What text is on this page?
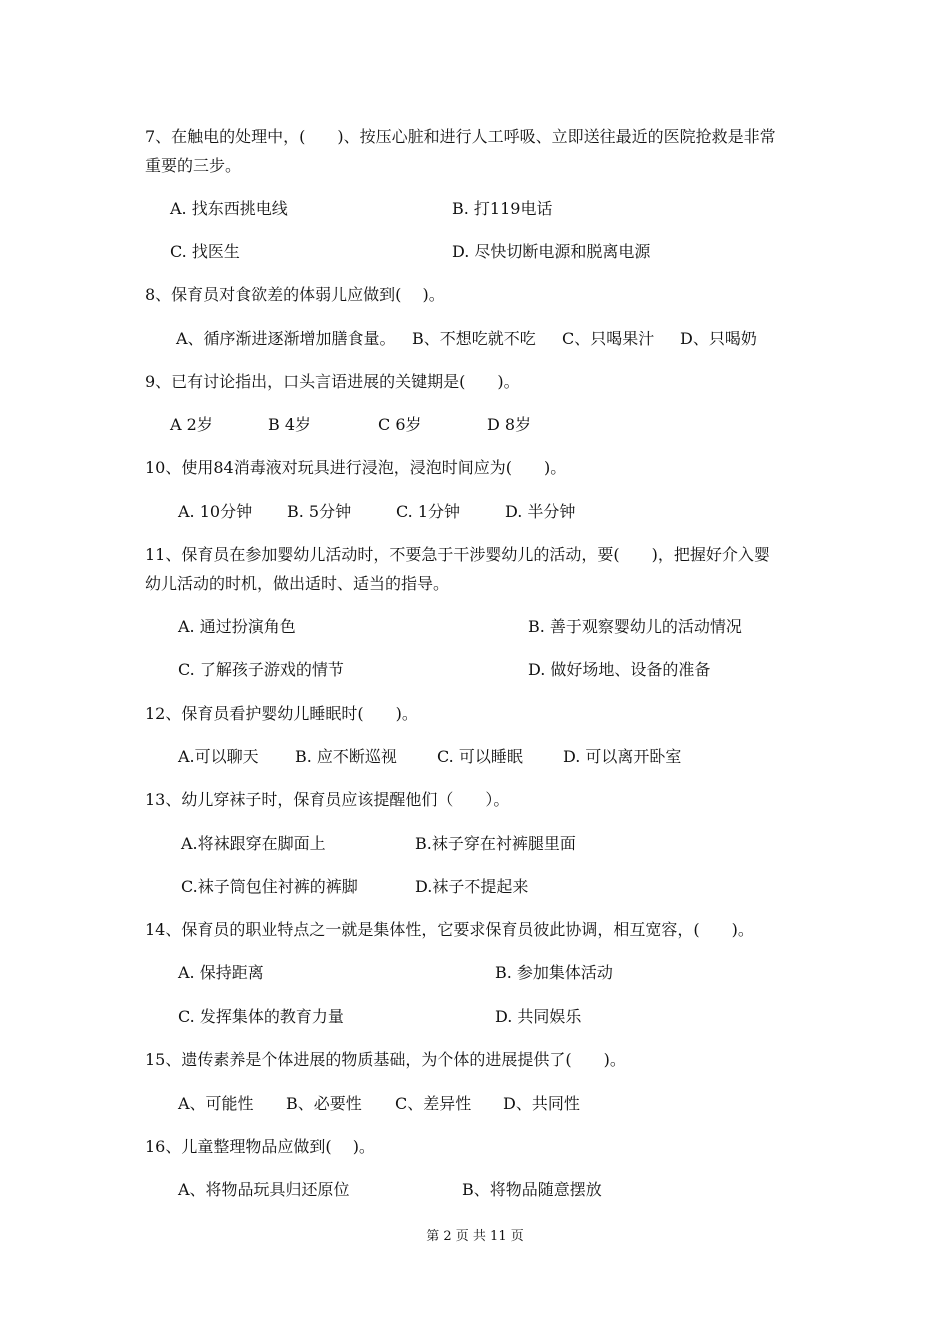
7、在触电的处理中，(　　)、按压心脏和进行人工呼吸、立即送往最近的医院抢救是非常
重要的三步。
A. 找东西挑电线	B. 打119电话
C. 找医生	D. 尽快切断电源和脱离电源
8、保育员对食欲差的体弱儿应做到(　 )。
A、循序渐进逐渐增加膳食量。 B、不想吃就不吃 C、只喝果汁 D、只喝奶
9、已有讨论指出，口头言语进展的关键期是(　　)。
A 2岁	B 4岁	C 6岁	D 8岁
10、使用84消毒液对玩具进行浸泡，浸泡时间应为(　　)。
A. 10分钟 B. 5分钟	C. 1分钟	D. 半分钟
11、保育员在参加婴幼儿活动时，不要急于干涉婴幼儿的活动，要(　　)，把握好介入婴
幼儿活动的时机，做出适时、适当的指导。
A. 通过扮演角色	B. 善于观察婴幼儿的活动情况
C. 了解孩子游戏的情节	D. 做好场地、设备的准备
12、保育员看护婴幼儿睡眠时(　　)。
A.可以聊天 B. 应不断巡视	C. 可以睡眠	D. 可以离开卧室
13、幼儿穿袜子时，保育员应该提醒他们（　　）。
A.将袜跟穿在脚面上	B.袜子穿在衬裤腿里面
C.袜子筒包住衬裤的裤脚	D.袜子不提起来
14、保育员的职业特点之一就是集体性，它要求保育员彼此协调，相互宽容，(　　)。
A. 保持距离	B. 参加集体活动
C. 发挥集体的教育力量	D. 共同娱乐
15、遗传素养是个体进展的物质基础，为个体的进展提供了(　　)。
A、可能性 B、必要性 C、差异性 D、共同性
16、儿童整理物品应做到(　 )。
A、将物品玩具归还原位	B、将物品随意摆放
第 2 页 共 11 页
